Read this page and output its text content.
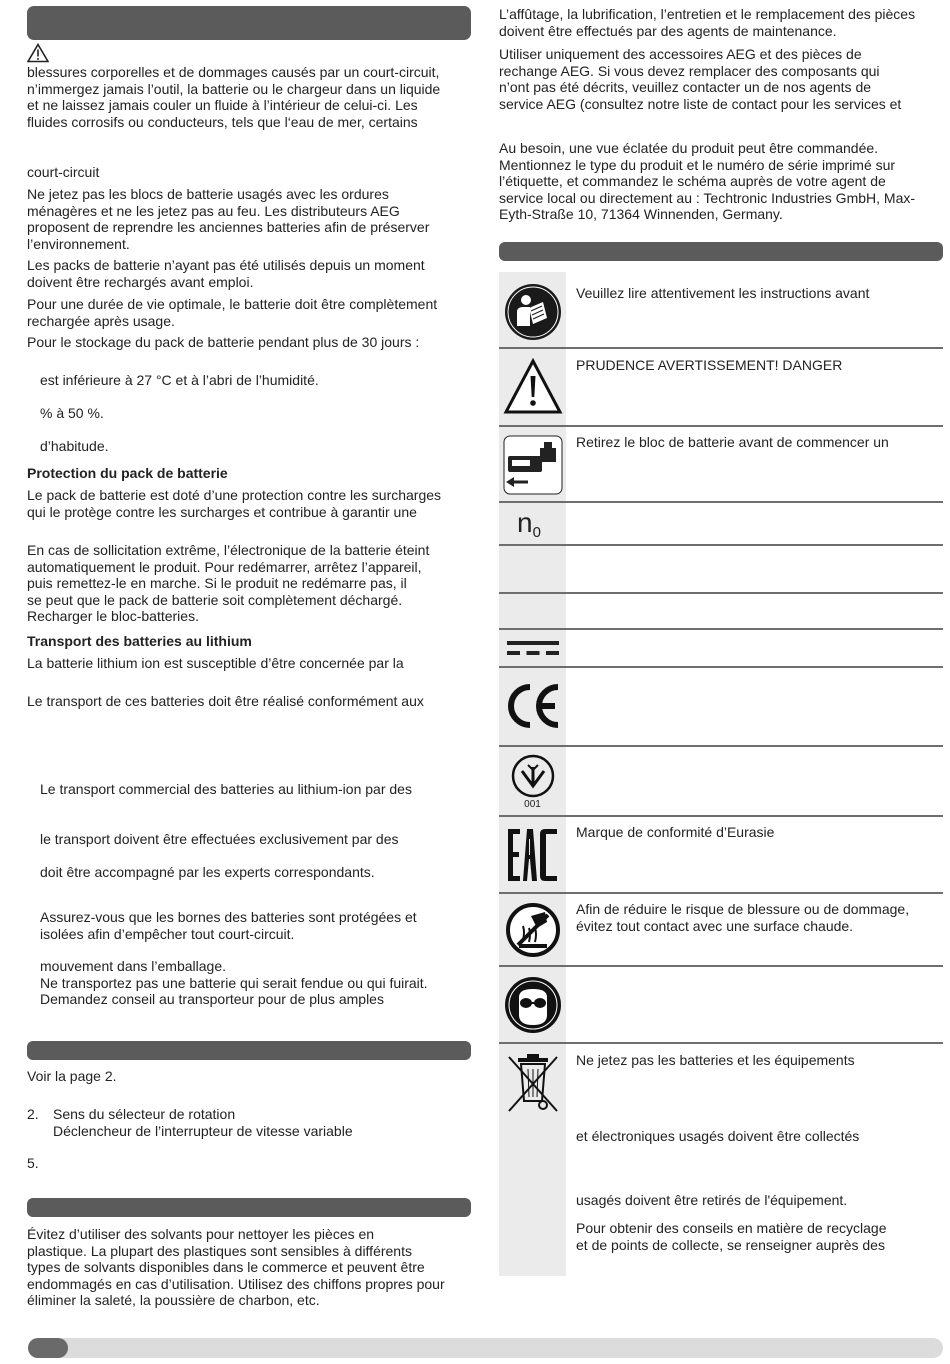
blessures corporelles et de dommages causés par un court-circuit,

n’immergez jamais l’outil, la batterie ou le chargeur dans un liquide

et ne laissez jamais couler un fluide à l’intérieur de celui-ci. Les

fluides corrosifs ou conducteurs, tels que l‘eau de mer, certains

court-circuit

Ne jetez pas les blocs de batterie usagés avec les ordures

ménagères et ne les jetez pas au feu. Les distributeurs AEG

proposent de reprendre les anciennes batteries afin de préserver

l’environnement.

Les packs de batterie n’ayant pas été utilisés depuis un moment

doivent être rechargés avant emploi.

Pour une durée de vie optimale, le batterie doit être complètement

rechargée après usage.

Pour le stockage du pack de batterie pendant plus de 30 jours :

est inférieure à 27 °C et à l’abri de l’humidité.

% à 50 %.

d’habitude.

Protection du pack de batterie

Le pack de batterie est doté d’une protection contre les surcharges

qui le protège contre les surcharges et contribue à garantir une

En cas de sollicitation extrême, l’électronique de la batterie éteint

automatiquement le produit. Pour redémarrer, arrêtez l’appareil,

puis remettez-le en marche. Si le produit ne redémarre pas, il

se peut que le pack de batterie soit complètement déchargé.

Recharger le bloc-batteries.

Transport des batteries au lithium

La batterie lithium ion est susceptible d’être concernée par la

Le transport de ces batteries doit être réalisé conformément aux

Le transport commercial des batteries au lithium-ion par des

le transport doivent être effectuées exclusivement par des

doit être accompagné par les experts correspondants.

Assurez-vous que les bornes des batteries sont protégées et

isolées afin d’empêcher tout court-circuit.

mouvement dans l’emballage.

Ne transportez pas une batterie qui serait fendue ou qui fuirait.

Demandez conseil au transporteur pour de plus amples

Voir la page 2.

2. Sens du sélecteur de rotation

Déclencheur de l’interrupteur de vitesse variable

5.

Évitez d’utiliser des solvants pour nettoyer les pièces en

plastique. La plupart des plastiques sont sensibles à différents

types de solvants disponibles dans le commerce et peuvent être

endommagés en cas d’utilisation. Utilisez des chiffons propres pour

éliminer la saleté, la poussière de charbon, etc.

L’affûtage, la lubrification, l’entretien et le remplacement des pièces

doivent être effectués par des agents de maintenance.

Utiliser uniquement des accessoires AEG et des pièces de

rechange AEG. Si vous devez remplacer des composants qui

n’ont pas été décrits, veuillez contacter un de nos agents de

service AEG (consultez notre liste de contact pour les services et

Au besoin, une vue éclatée du produit peut être commandée.

Mentionnez le type du produit et le numéro de série imprimé sur

l’étiquette, et commandez le schéma auprès de votre agent de

service local ou directement au : Techtronic Industries GmbH, Max-

Eyth-Straße 10, 71364 Winnenden, Germany.

Veuillez lire attentivement les instructions avant

PRUDENCE AVERTISSEMENT! DANGER

Retirez le bloc de batterie avant de commencer un

n 0
001

Marque de conformité d’Eurasie

Afin de réduire le risque de blessure ou de dommage,

évitez tout contact avec une surface chaude.

Ne jetez pas les batteries et les équipements

et électroniques usagés doivent être collectés

usagés doivent être retirés de l'équipement.

Pour obtenir des conseils en matière de recyclage

et de points de collecte, se renseigner auprès des
